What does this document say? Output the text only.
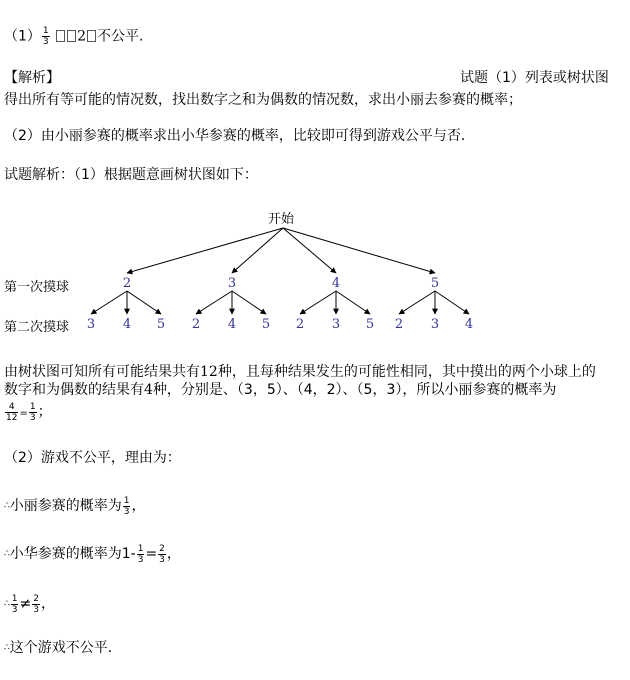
$(1) \frac{1}{3} 2$ 不公平.
【解析】	试题（1）列表或树状图
得出所有等可能的情况数，找出数字之和为偶数的情况数，求出小丽去参赛的概率；
（2）由小丽参赛的概率求出小华参赛的概率，比较即可得到游戏公平与否．
试题解析：（1）根据题意画树状图如下：
开始
第一次摸球
第二次摸球
2
3 4 5
3
2 4 5
4
2 3 5
5
2 3 4
由树状图可知所有可能结果共有12种，且每种结果发生的可能性相同，其中摸出的两个小球上的
数字和为偶数的结果有4种，分别是、（3，5）、（4，2）、（5，3），所以小丽参赛的概率为
$\frac{4}{12} = \frac{1}{3}$ ；
（2）游戏不公平，理由为：
∴小丽参赛的概率为 $\frac{1}{3}$ ，
∴小华参赛的概率为$1- \frac{1}{3} = \frac{2}{3}$ ，
∴ $\frac{1}{3} \ne \frac{2}{3}$ ，
∴这个游戏不公平．
